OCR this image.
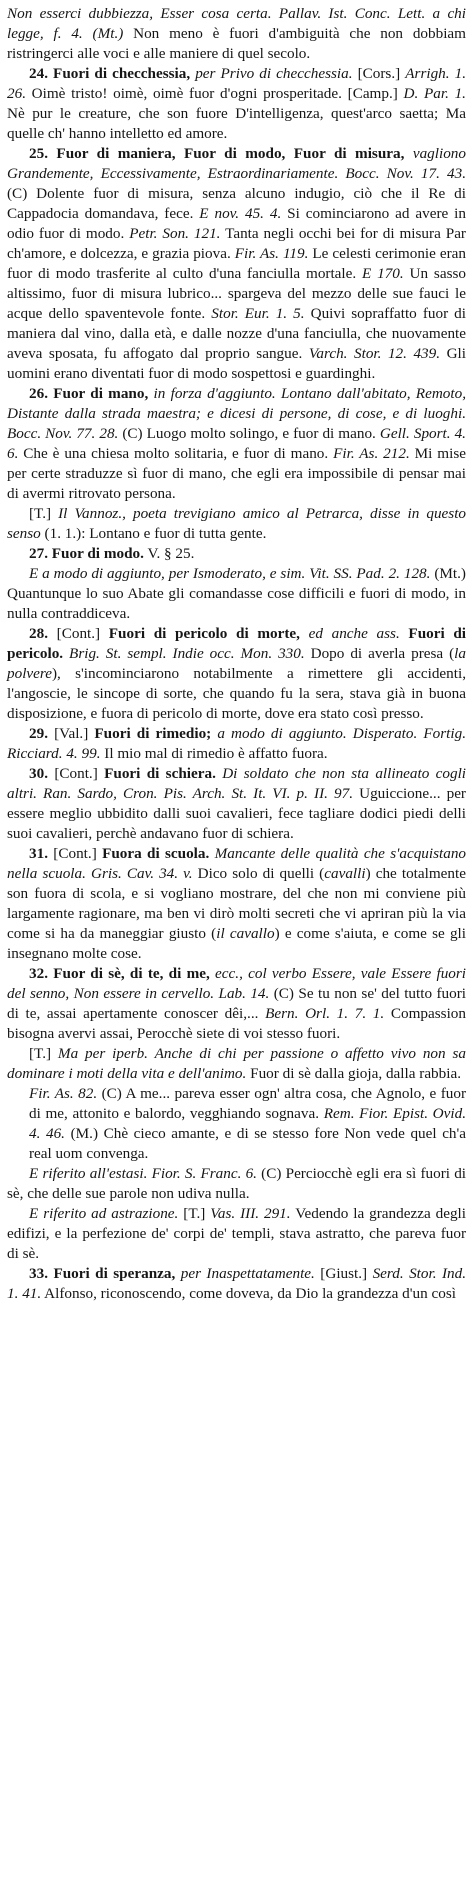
Non esserci dubbiezza, Esser cosa certa. Pallav. Ist. Conc. Lett. a chi legge, f. 4. (Mt.) Non meno è fuori d'ambiguità che non dobbiam ristringerci alle voci e alle maniere di quel secolo.

24. Fuori di checchessia, per Privo di checchessia. [Cors.] Arrigh. 1. 26. Oimè tristo! oimè, oimè fuor d'ogni prosperitade. [Camp.] D. Par. 1. Nè pur le creature, che son fuore D'intelligenza, quest'arco saetta; Ma quelle ch' hanno intelletto ed amore.

25. Fuor di maniera, Fuor di modo, Fuor di misura, vagliono Grandemente, Eccessivamente, Estraordinariamente. Bocc. Nov. 17. 43. (C) Dolente fuor di misura, senza alcuno indugio, ciò che il Re di Cappadocia domandava, fece. E nov. 45. 4. Si cominciarono ad avere in odio fuor di modo. Petr. Son. 121. Tanta negli occhi bei for di misura Par ch'amore, e dolcezza, e grazia piova. Fir. As. 119. Le celesti cerimonie eran fuor di modo trasferite al culto d'una fanciulla mortale. E 170. Un sasso altissimo, fuor di misura lubrico... spargeva del mezzo delle sue fauci le acque dello spaventevole fonte. Stor. Eur. 1. 5. Quivi sopraffatto fuor di maniera dal vino, dalla età, e dalle nozze d'una fanciulla, che nuovamente aveva sposata, fu affogato dal proprio sangue. Varch. Stor. 12. 439. Gli uomini erano diventati fuor di modo sospettosi e guardinghi.

26. Fuor di mano, in forza d'aggiunto. Lontano dall'abitato, Remoto, Distante dalla strada maestra; e dicesi di persone, di cose, e di luoghi. Bocc. Nov. 77. 28. (C) Luogo molto solingo, e fuor di mano. Gell. Sport. 4. 6. Che è una chiesa molto solitaria, e fuor di mano. Fir. As. 212. Mi mise per certe straduzze sì fuor di mano, che egli era impossibile di pensar mai di avermi ritrovato persona.

[T.] Il Vannoz., poeta trevigiano amico al Petrarca, disse in questo senso (1. 1.): Lontano e fuor di tutta gente.

27. Fuor di modo. V. § 25.

E a modo di aggiunto, per Ismoderato, e sim. Vit. SS. Pad. 2. 128. (Mt.) Quantunque lo suo Abate gli comandasse cose difficili e fuori di modo, in nulla contraddiceva.

28. [Cont.] Fuori di pericolo di morte, ed anche ass. Fuori di pericolo. Brig. St. sempl. Indie occ. Mon. 330. Dopo di averla presa (la polvere), s'incominciarono notabilmente a rimettere gli accidenti, l'angoscie, le sincope di sorte, che quando fu la sera, stava già in buona disposizione, e fuora di pericolo di morte, dove era stato così presso.

29. [Val.] Fuori di rimedio; a modo di aggiunto. Disperato. Fortig. Ricciard. 4. 99. Il mio mal di rimedio è affatto fuora.

30. [Cont.] Fuori di schiera. Di soldato che non sta allineato cogli altri. Ran. Sardo, Cron. Pis. Arch. St. It. VI. p. II. 97. Uguiccione... per essere meglio ubbidito dalli suoi cavalieri, fece tagliare dodici piedi delli suoi cavalieri, perchè andavano fuor di schiera.

31. [Cont.] Fuora di scuola. Mancante delle qualità che s'acquistano nella scuola. Gris. Cav. 34. v. Dico solo di quelli (cavalli) che totalmente son fuora di scola, e si vogliano mostrare, del che non mi conviene più largamente ragionare, ma ben vi dirò molti secreti che vi apriran più la via come si ha da maneggiar giusto (il cavallo) e come s'aiuta, e come se gli insegnano molte cose.

32. Fuor di sè, di te, di me, ecc., col verbo Essere, vale Essere fuori del senno, Non essere in cervello. Lab. 14. (C) Se tu non se' del tutto fuori di te, assai apertamente conoscer dêi,... Bern. Orl. 1. 7. 1. Compassion bisogna avervi assai, Perocchè siete di voi stesso fuori.

[T.] Ma per iperb. Anche di chi per passione o affetto vivo non sa dominare i moti della vita e dell'animo. Fuor di sè dalla gioja, dalla rabbia.

Fir. As. 82. (C) A me... pareva esser ogn' altra cosa, che Agnolo, e fuor di me, attonito e balordo, vegghiando sognava. Rem. Fior. Epist. Ovid. 4. 46. (M.) Chè cieco amante, e di se stesso fore Non vede quel ch'a real uom convenga.

E riferito all'estasi. Fior. S. Franc. 6. (C) Perciocchè egli era sì fuori di sè, che delle sue parole non udiva nulla.

E riferito ad astrazione. [T.] Vas. III. 291. Vedendo la grandezza degli edifizi, e la perfezione de' corpi de' templi, stava astratto, che pareva fuor di sè.

33. Fuori di speranza, per Inaspettatamente. [Giust.] Serd. Stor. Ind. 1. 41. Alfonso, riconoscendo, come doveva, da Dio la grandezza d'un così
